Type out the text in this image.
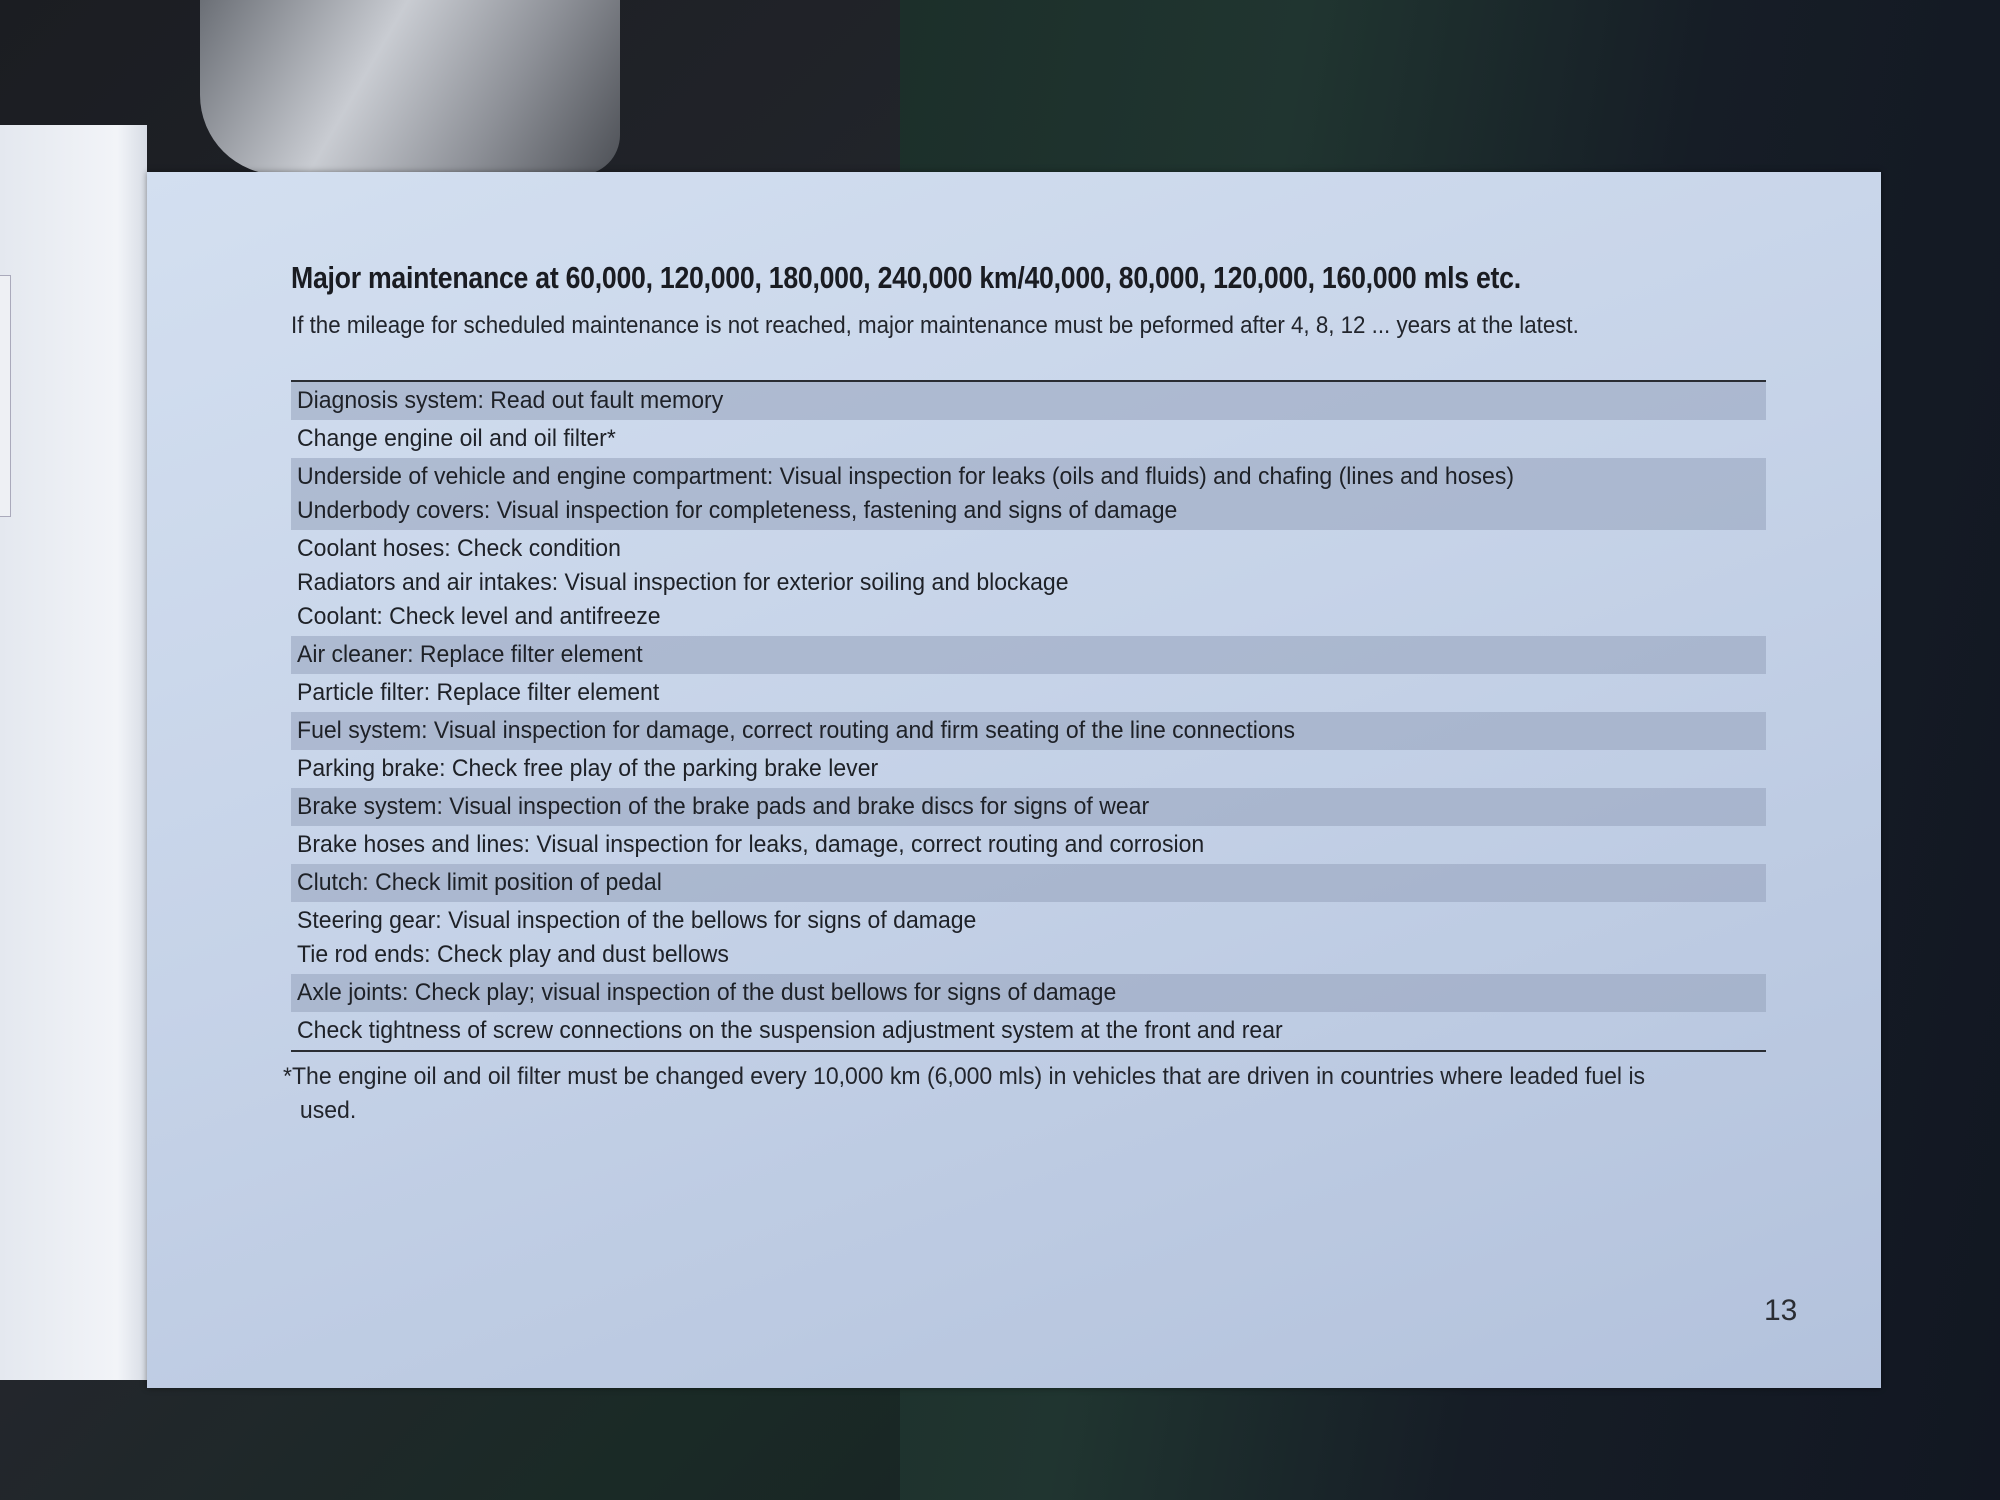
Major maintenance at 60,000, 120,000, 180,000, 240,000 km/40,000, 80,000, 120,000, 160,000 mls etc.
If the mileage for scheduled maintenance is not reached, major maintenance must be peformed after 4, 8, 12 ... years at the latest.
Diagnosis system: Read out fault memory
Change engine oil and oil filter*
Underside of vehicle and engine compartment: Visual inspection for leaks (oils and fluids) and chafing (lines and hoses)
Underbody covers: Visual inspection for completeness, fastening and signs of damage
Coolant hoses: Check condition
Radiators and air intakes: Visual inspection for exterior soiling and blockage
Coolant: Check level and antifreeze
Air cleaner: Replace filter element
Particle filter: Replace filter element
Fuel system: Visual inspection for damage, correct routing and firm seating of the line connections
Parking brake: Check free play of the parking brake lever
Brake system: Visual inspection of the brake pads and brake discs for signs of wear
Brake hoses and lines: Visual inspection for leaks, damage, correct routing and corrosion
Clutch: Check limit position of pedal
Steering gear: Visual inspection of the bellows for signs of damage
Tie rod ends: Check play and dust bellows
Axle joints: Check play; visual inspection of the dust bellows for signs of damage
Check tightness of screw connections on the suspension adjustment system at the front and rear
*The engine oil and oil filter must be changed every 10,000 km (6,000 mls) in vehicles that are driven in countries where leaded fuel is
used.
13
